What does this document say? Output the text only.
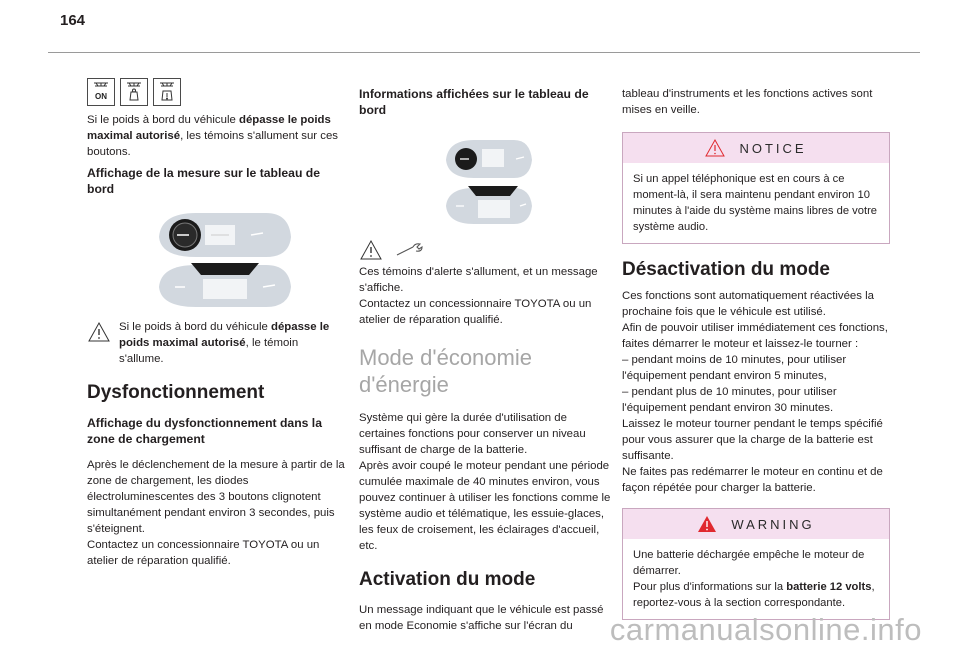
164
ON

Si le poids à bord du véhicule dépasse le poids maximal autorisé, les témoins s'allument sur ces boutons.

Affichage de la mesure sur le tableau de bord

Si le poids à bord du véhicule dépasse le poids maximal autorisé, le témoin s'allume.

Dysfonctionnement
Affichage du dysfonctionnement dans la zone de chargement

Après le déclenchement de la mesure à partir de la zone de chargement, les diodes électroluminescentes des 3 boutons clignotent simultanément pendant environ 3 secondes, puis s'éteignent.

Contactez un concessionnaire TOYOTA ou un atelier de réparation qualifié.

Informations affichées sur le tableau de bord

Ces témoins d'alerte s'allument, et un message s'affiche.

Contactez un concessionnaire TOYOTA ou un atelier de réparation qualifié.

Mode d'économie d'énergie

Système qui gère la durée d'utilisation de certaines fonctions pour conserver un niveau suffisant de charge de la batterie.

Après avoir coupé le moteur pendant une période cumulée maximale de 40 minutes environ, vous pouvez continuer à utiliser les fonctions comme le système audio et télématique, les essuie-glaces, les feux de croisement, les éclairages d'accueil, etc.

Activation du mode

Un message indiquant que le véhicule est passé en mode Economie s'affiche sur l'écran du

tableau d'instruments et les fonctions actives sont mises en veille.

NOTICE

Si un appel téléphonique est en cours à ce moment-là, il sera maintenu pendant environ 10 minutes à l'aide du système mains libres de votre système audio.

Désactivation du mode

Ces fonctions sont automatiquement réactivées la prochaine fois que le véhicule est utilisé.

Afin de pouvoir utiliser immédiatement ces fonctions, faites démarrer le moteur et laissez-le tourner :

– pendant moins de 10 minutes, pour utiliser l'équipement pendant environ 5 minutes,

– pendant plus de 10 minutes, pour utiliser l'équipement pendant environ 30 minutes.

Laissez le moteur tourner pendant le temps spécifié pour vous assurer que la charge de la batterie est suffisante.

Ne faites pas redémarrer le moteur en continu et de façon répétée pour charger la batterie.

WARNING

Une batterie déchargée empêche le moteur de démarrer.

Pour plus d'informations sur la batterie 12 volts, reportez-vous à la section correspondante.

carmanualsonline.info
